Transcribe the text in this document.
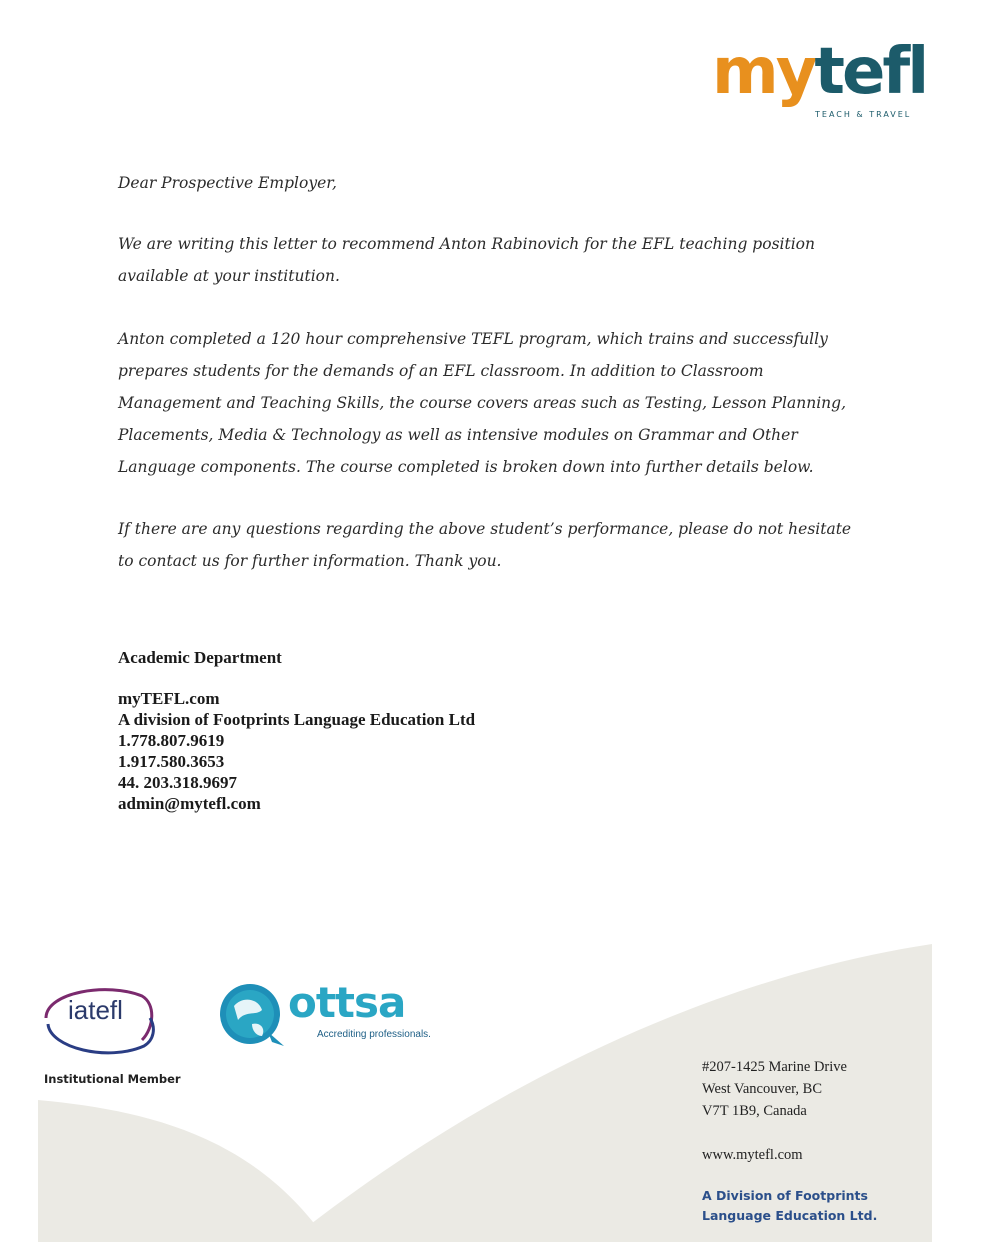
mytefl
TEACH & TRAVEL
Dear Prospective Employer,

We are writing this letter to recommend Anton Rabinovich for the EFL teaching position available at your institution.

Anton completed a 120 hour comprehensive TEFL program, which trains and successfully prepares students for the demands of an EFL classroom. In addition to Classroom Management and Teaching Skills, the course covers areas such as Testing, Lesson Planning, Placements, Media & Technology as well as intensive modules on Grammar and Other Language components. The course completed is broken down into further details below.

If there are any questions regarding the above student’s performance, please do not hesitate to contact us for further information. Thank you.

Academic Department
myTEFL.com
A division of Footprints Language Education Ltd
1.778.807.9619
1.917.580.3653
44. 203.318.9697
admin@mytefl.com
iatefl
Institutional Member
ottsa
Accrediting professionals.
#207-1425 Marine Drive
West Vancouver, BC
V7T 1B9, Canada
www.mytefl.com
A Division of Footprints
Language Education Ltd.
